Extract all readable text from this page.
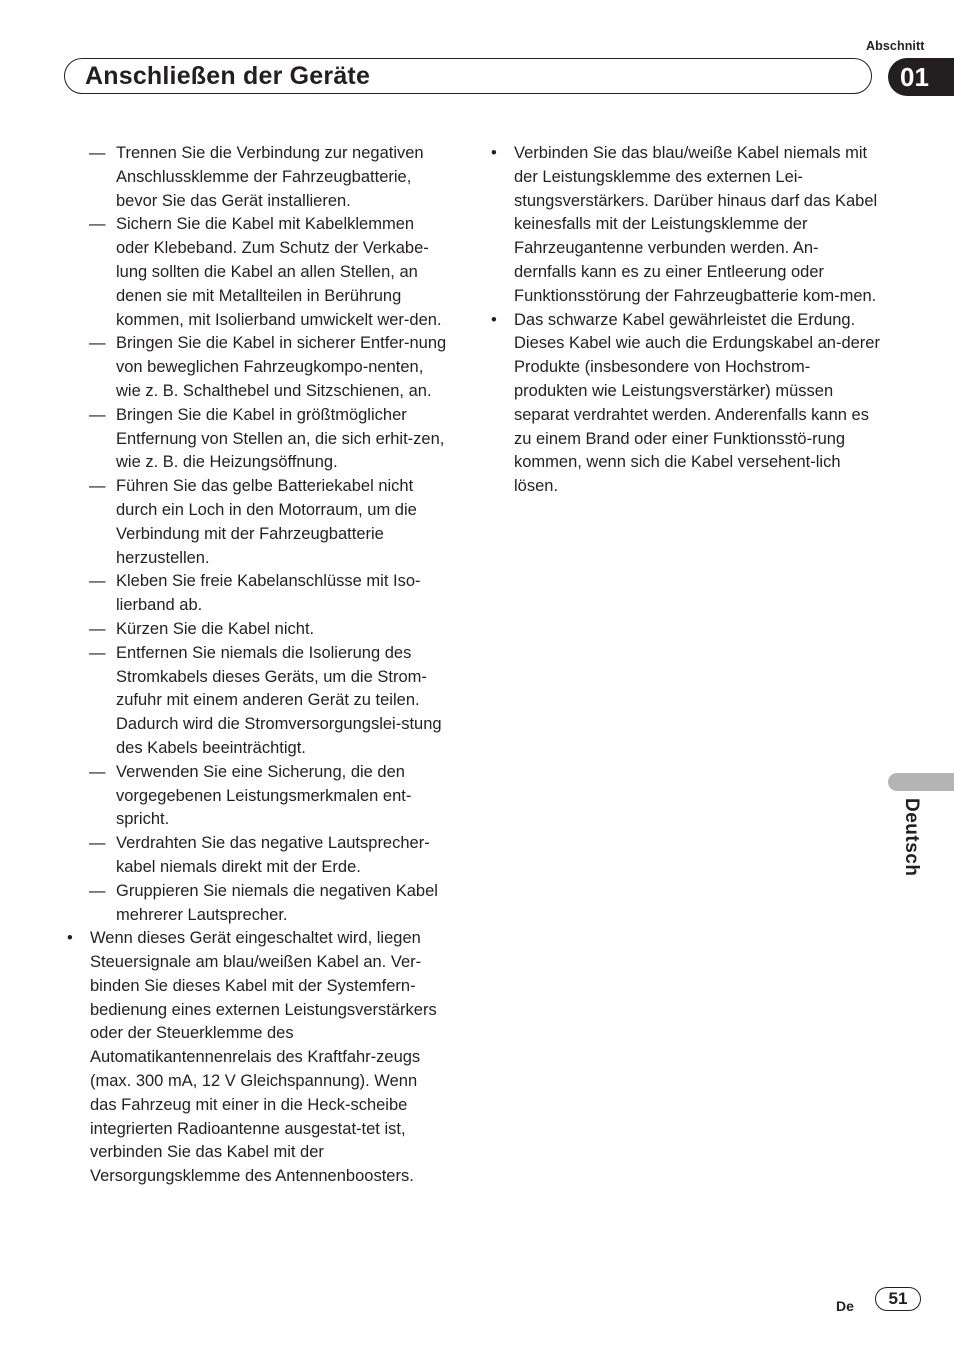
Abschnitt
Anschließen der Geräte	01
Deutsch
— Trennen Sie die Verbindung zur negativen Anschlussklemme der Fahrzeugbatterie, bevor Sie das Gerät installieren.
— Sichern Sie die Kabel mit Kabelklemmen oder Klebeband. Zum Schutz der Verkabe-lung sollten die Kabel an allen Stellen, an denen sie mit Metallteilen in Berührung kommen, mit Isolierband umwickelt wer-den.
— Bringen Sie die Kabel in sicherer Entfer-nung von beweglichen Fahrzeugkompo-nenten, wie z. B. Schalthebel und Sitzschienen, an.
— Bringen Sie die Kabel in größtmöglicher Entfernung von Stellen an, die sich erhit-zen, wie z. B. die Heizungsöffnung.
— Führen Sie das gelbe Batteriekabel nicht durch ein Loch in den Motorraum, um die Verbindung mit der Fahrzeugbatterie herzustellen.
— Kleben Sie freie Kabelanschlüsse mit Iso-lierband ab.
— Kürzen Sie die Kabel nicht.
— Entfernen Sie niemals die Isolierung des Stromkabels dieses Geräts, um die Strom-zufuhr mit einem anderen Gerät zu teilen. Dadurch wird die Stromversorgungslei-stung des Kabels beeinträchtigt.
— Verwenden Sie eine Sicherung, die den vorgegebenen Leistungsmerkmalen ent-spricht.
— Verdrahten Sie das negative Lautsprecher-kabel niemals direkt mit der Erde.
— Gruppieren Sie niemals die negativen Kabel mehrerer Lautsprecher.
• Wenn dieses Gerät eingeschaltet wird, liegen Steuersignale am blau/weißen Kabel an. Ver-binden Sie dieses Kabel mit der Systemfern-bedienung eines externen Leistungsverstärkers oder der Steuerklemme des Automatikantennenrelais des Kraftfahr-zeugs (max. 300 mA, 12 V Gleichspannung). Wenn das Fahrzeug mit einer in die Heck-scheibe integrierten Radioantenne ausgestat-tet ist, verbinden Sie das Kabel mit der Versorgungsklemme des Antennenboosters.
• Verbinden Sie das blau/weiße Kabel niemals mit der Leistungsklemme des externen Lei-stungsverstärkers. Darüber hinaus darf das Kabel keinesfalls mit der Leistungsklemme der Fahrzeugantenne verbunden werden. An-dernfalls kann es zu einer Entleerung oder Funktionsstörung der Fahrzeugbatterie kom-men.
• Das schwarze Kabel gewährleistet die Erdung. Dieses Kabel wie auch die Erdungskabel an-derer Produkte (insbesondere von Hochstrom-produkten wie Leistungsverstärker) müssen separat verdrahtet werden. Anderenfalls kann es zu einem Brand oder einer Funktionsstö-rung kommen, wenn sich die Kabel versehent-lich lösen.
De	51
